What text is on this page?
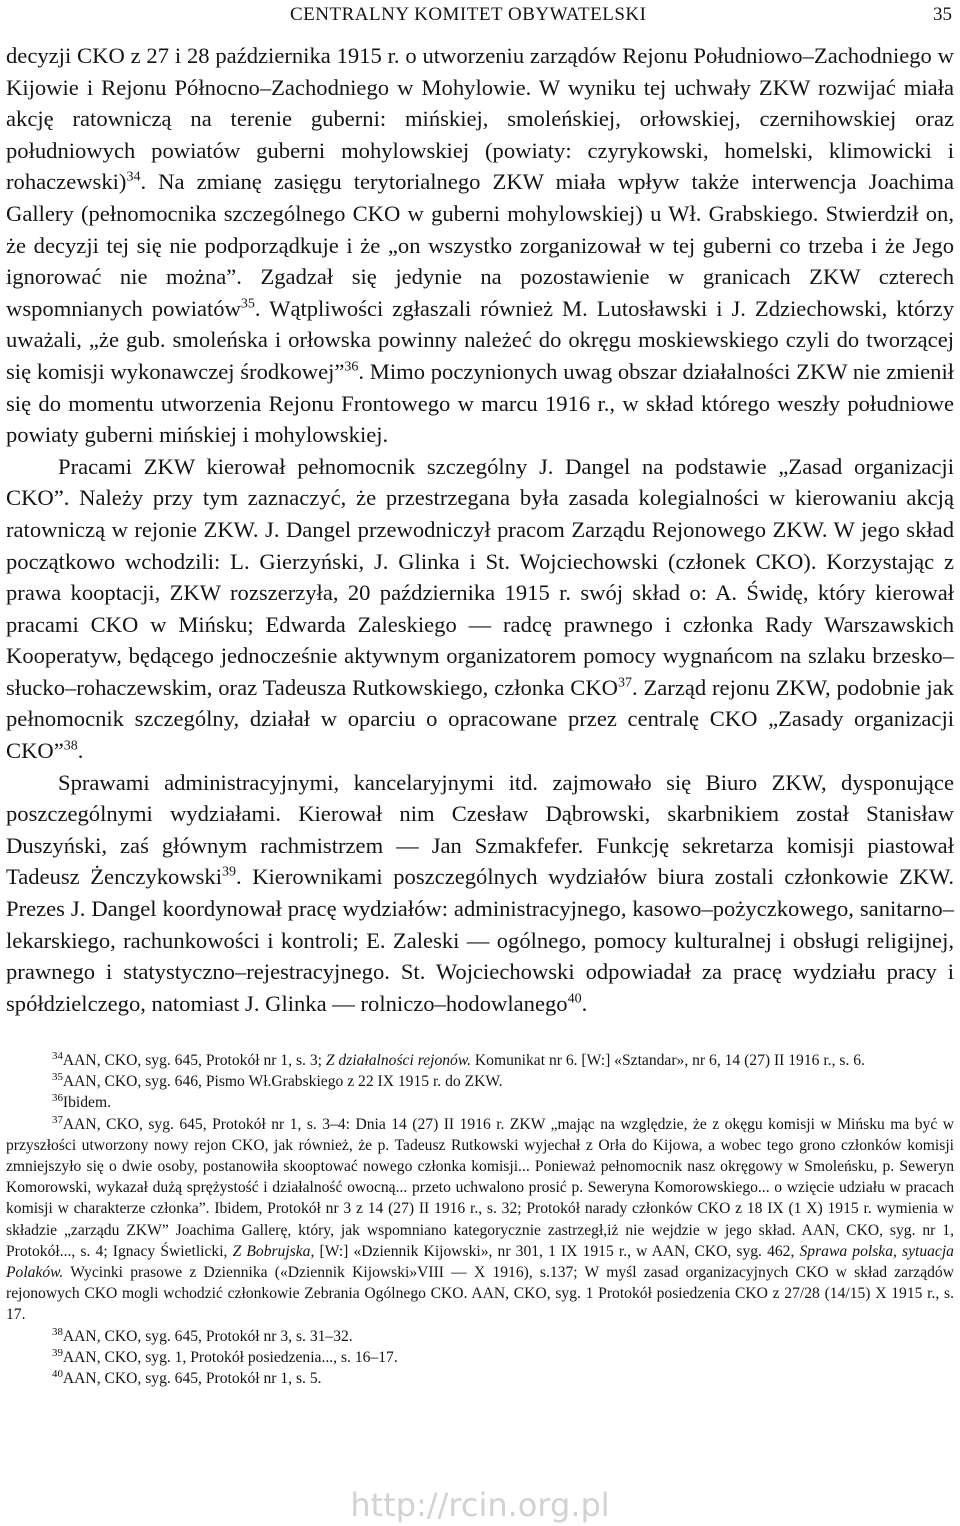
CENTRALNY KOMITET OBYWATELSKI	35

decyzji CKO z 27 i 28 października 1915 r. o utworzeniu zarządów Rejonu Południowo–Zachodniego w Kijowie i Rejonu Północno–Zachodniego w Mohylowie. W wyniku tej uchwały ZKW rozwijać miała akcję ratowniczą na terenie guberni: mińskiej, smoleńskiej, orłowskiej, czernihowskiej oraz południowych powiatów guberni mohylowskiej (powiaty: czyrykowski, homelski, klimowicki i rohaczewski)$^{34}$. Na zmianę zasięgu terytorialnego ZKW miała wpływ także interwencja Joachima Gallery (pełnomocnika szczególnego CKO w guberni mohylowskiej) u Wł. Grabskiego. Stwierdził on, że decyzji tej się nie podporządkuje i że „on wszystko zorganizował w tej guberni co trzeba i że Jego ignorować nie można”. Zgadzał się jedynie na pozostawienie w granicach ZKW czterech wspomnianych powiatów$^{35}$. Wątpliwości zgłaszali również M. Lutosławski i J. Zdziechowski, którzy uważali, „że gub. smoleńska i orłowska powinny należeć do okręgu moskiewskiego czyli do tworzącej się komisji wykonawczej środkowej”$^{36}$. Mimo poczynionych uwag obszar działalności ZKW nie zmienił się do momentu utworzenia Rejonu Frontowego w marcu 1916 r., w skład którego weszły południowe powiaty guberni mińskiej i mohylowskiej.

Pracami ZKW kierował pełnomocnik szczególny J. Dangel na podstawie „Zasad organizacji CKO”. Należy przy tym zaznaczyć, że przestrzegana była zasada kolegialności w kierowaniu akcją ratowniczą w rejonie ZKW. J. Dangel przewodniczył pracom Zarządu Rejonowego ZKW. W jego skład początkowo wchodzili: L. Gierzyński, J. Glinka i St. Wojciechowski (członek CKO). Korzystając z prawa kooptacji, ZKW rozszerzyła, 20 października 1915 r. swój skład o: A. Świdę, który kierował pracami CKO w Mińsku; Edwarda Zaleskiego — radcę prawnego i członka Rady Warszawskich Kooperatyw, będącego jednocześnie aktywnym organizatorem pomocy wygnańcom na szlaku brzesko–słucko–rohaczewskim, oraz Tadeusza Rutkowskiego, członka CKO$^{37}$. Zarząd rejonu ZKW, podobnie jak pełnomocnik szczególny, działał w oparciu o opracowane przez centralę CKO „Zasady organizacji CKO”$^{38}$.

Sprawami administracyjnymi, kancelaryjnymi itd. zajmowało się Biuro ZKW, dysponujące poszczególnymi wydziałami. Kierował nim Czesław Dąbrowski, skarbnikiem został Stanisław Duszyński, zaś głównym rachmistrzem — Jan Szmakfefer. Funkcję sekretarza komisji piastował Tadeusz Żenczykowski$^{39}$. Kierownikami poszczególnych wydziałów biura zostali członkowie ZKW. Prezes J. Dangel koordynował pracę wydziałów: administracyjnego, kasowo–pożyczkowego, sanitarno–lekarskiego, rachunkowości i kontroli; E. Zaleski — ogólnego, pomocy kulturalnej i obsługi religijnej, prawnego i statystyczno–rejestracyjnego. St. Wojciechowski odpowiadał za pracę wydziału pracy i spółdzielczego, natomiast J. Glinka — rolniczo–hodowlanego$^{40}$.

$^{34}$AAN, CKO, syg. 645, Protokół nr 1, s. 3; Z działalności rejonów. Komunikat nr 6. [W:] «Sztandar», nr 6, 14 (27) II 1916 r., s. 6.

$^{35}$AAN, CKO, syg. 646, Pismo Wł.Grabskiego z 22 IX 1915 r. do ZKW.

$^{36}$Ibidem.

$^{37}$AAN, CKO, syg. 645, Protokół nr 1, s. 3–4: Dnia 14 (27) II 1916 r. ZKW „mając na względzie, że z okęgu komisji w Mińsku ma być w przyszłości utworzony nowy rejon CKO, jak również, że p. Tadeusz Rutkowski wyjechał z Orła do Kijowa, a wobec tego grono członków komisji zmniejszyło się o dwie osoby, postanowiła skooptować nowego członka komisji... Ponieważ pełnomocnik nasz okręgowy w Smoleńsku, p. Seweryn Komorowski, wykazał dużą sprężystość i działalność owocną... przeto uchwalono prosić p. Seweryna Komorowskiego... o wzięcie udziału w pracach komisji w charakterze członka”. Ibidem, Protokół nr 3 z 14 (27) II 1916 r., s. 32; Protokół narady członków CKO z 18 IX (1 X) 1915 r. wymienia w składzie „zarządu ZKW” Joachima Gallerę, który, jak wspomniano kategorycznie zastrzegł,iż nie wejdzie w jego skład. AAN, CKO, syg. nr 1, Protokół..., s. 4; Ignacy Świetlicki, Z Bobrujska, [W:] «Dziennik Kijowski», nr 301, 1 IX 1915 r., w AAN, CKO, syg. 462, Sprawa polska, sytuacja Polaków. Wycinki prasowe z Dziennika («Dziennik Kijowski»VIII — X 1916), s.137; W myśl zasad organizacyjnych CKO w skład zarządów rejonowych CKO mogli wchodzić członkowie Zebrania Ogólnego CKO. AAN, CKO, syg. 1 Protokół posiedzenia CKO z 27/28 (14/15) X 1915 r., s. 17.

$^{38}$AAN, CKO, syg. 645, Protokół nr 3, s. 31–32.

$^{39}$AAN, CKO, syg. 1, Protokół posiedzenia..., s. 16–17.

$^{40}$AAN, CKO, syg. 645, Protokół nr 1, s. 5.

http://rcin.org.pl
